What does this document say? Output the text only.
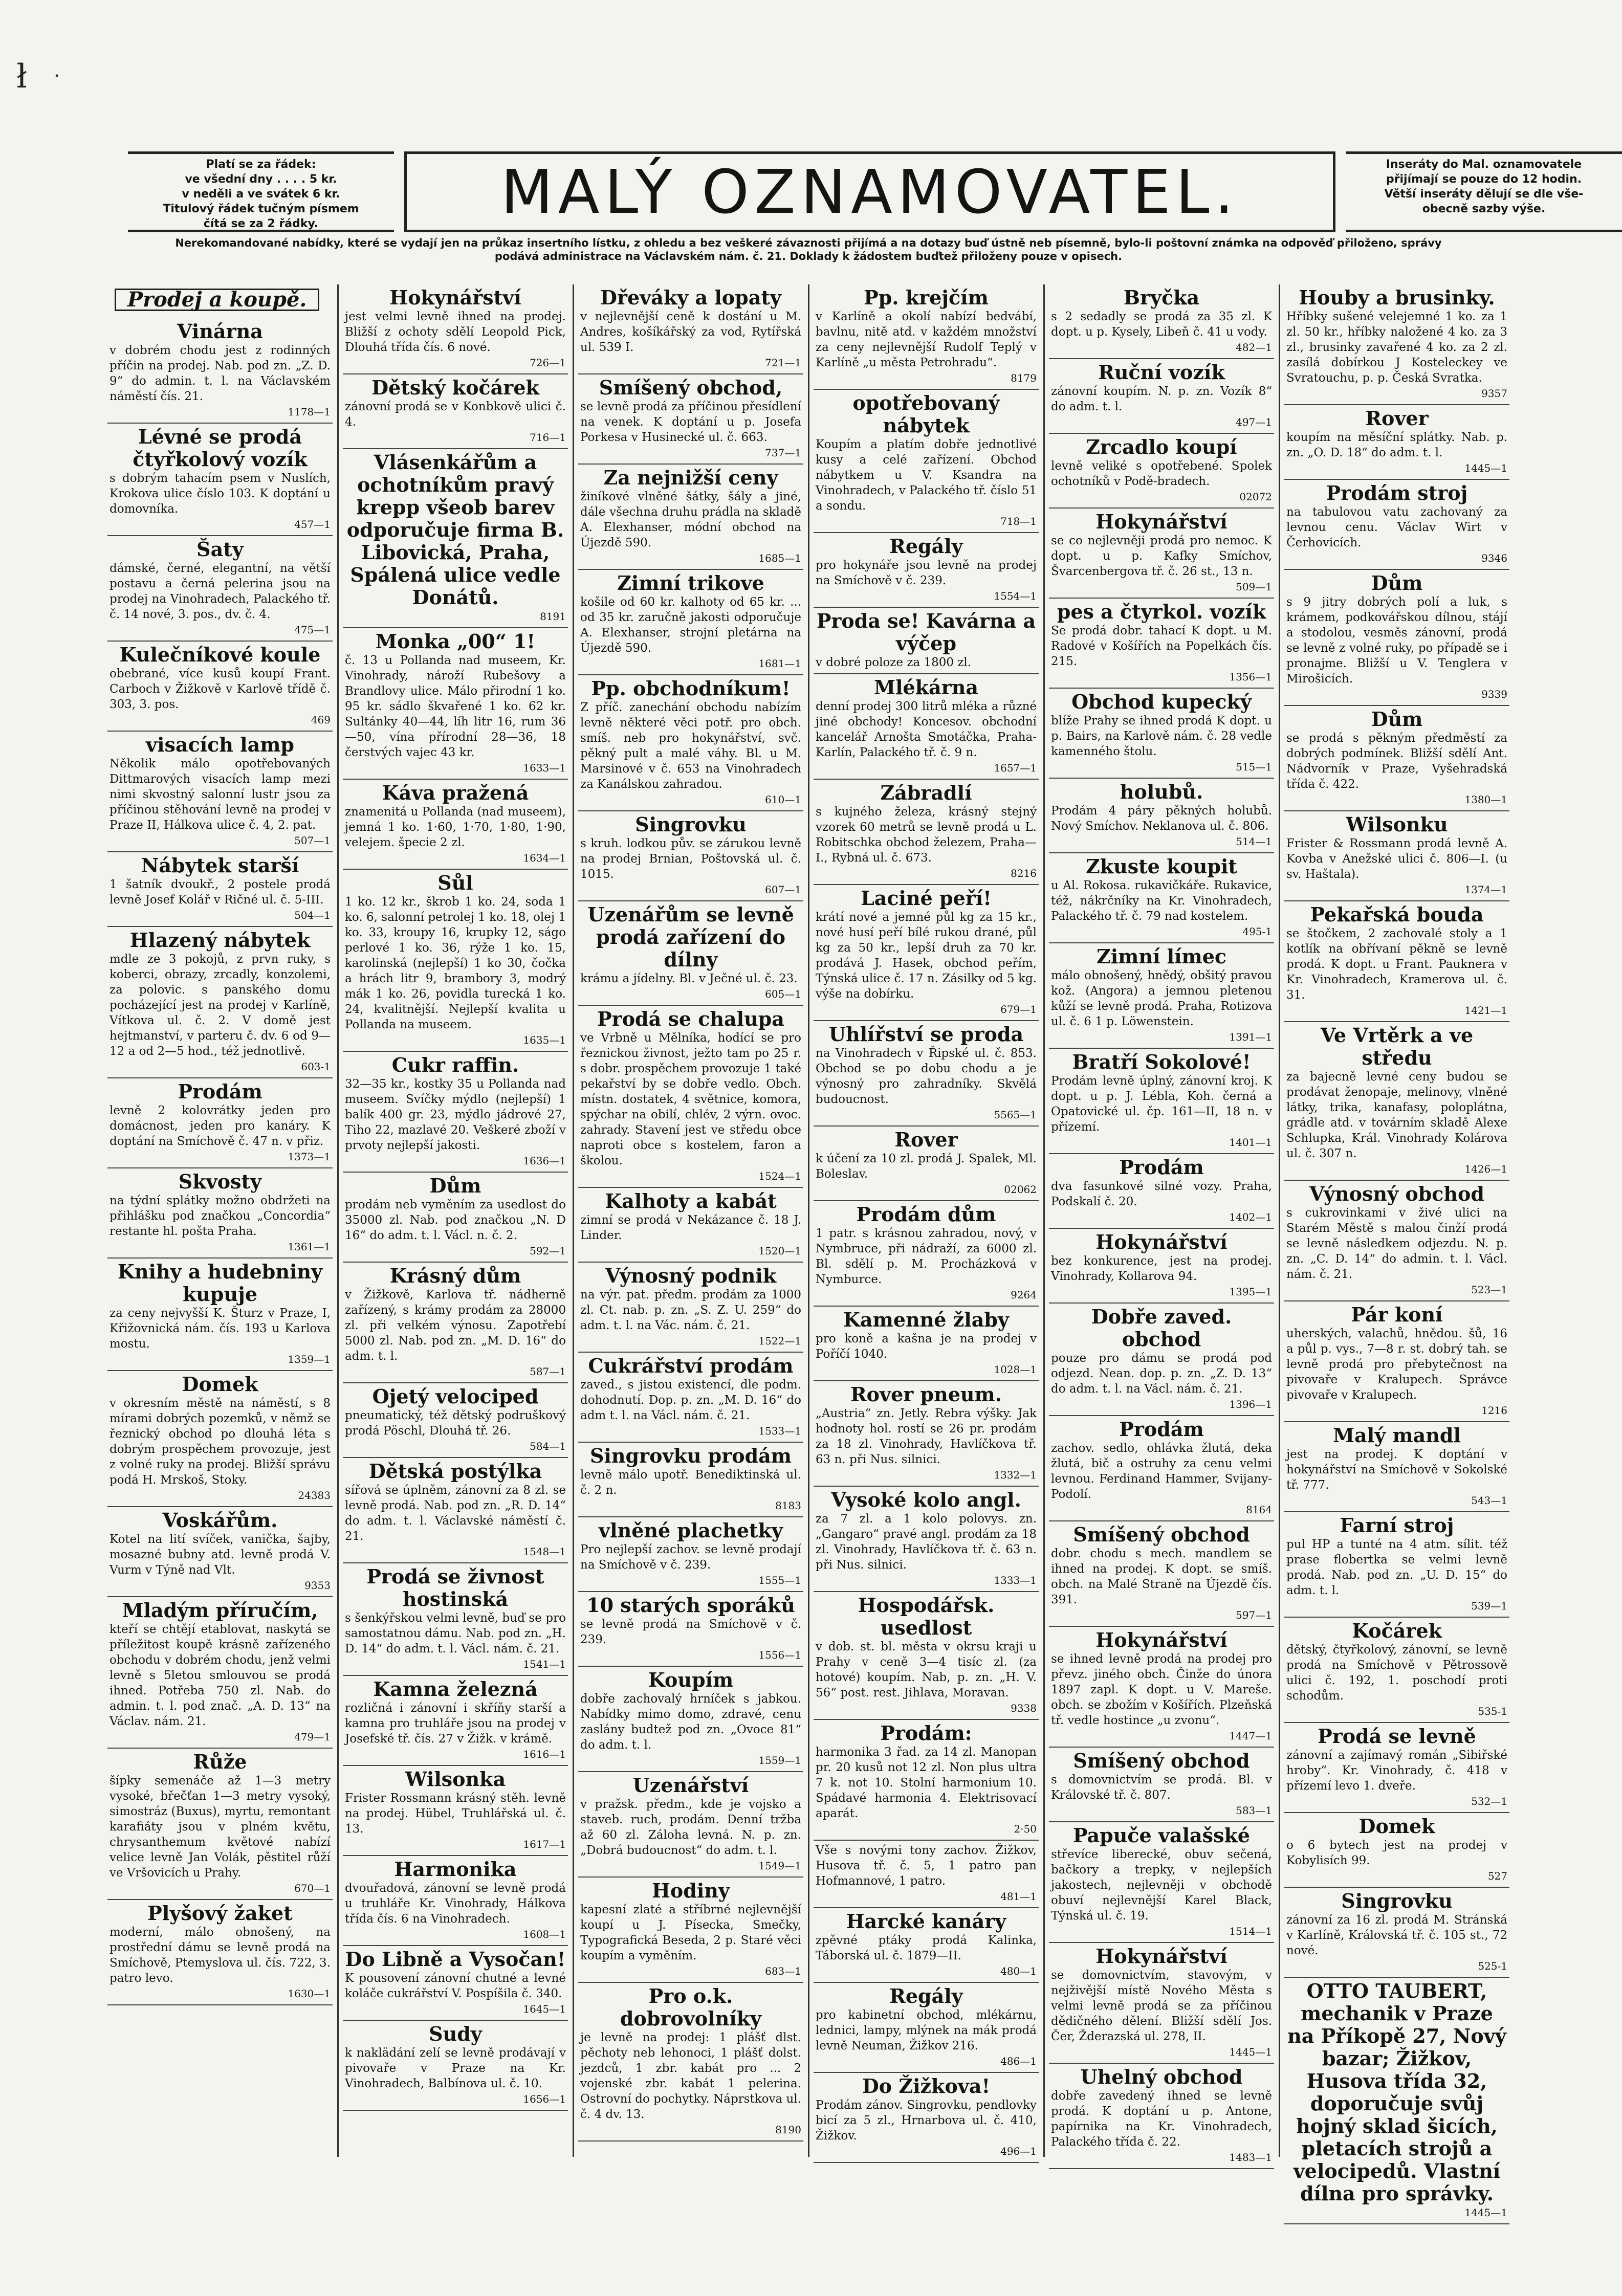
ł ·
Platí se za řádek:
ve všední dny . . . . 5 kr.
v neděli a ve svátek 6 kr.
Titulový řádek tučným písmem
čítá se za 2 řádky.	MALÝ OZNAMOVATEL.	Inseráty do Mal. oznamovatele
přijímají se pouze do 12 hodin.
Větší inseráty dělují se dle vše-
obecně sazby výše.
Nerekomandované nabídky, které se vydají jen na průkaz insertního lístku, z ohledu a bez veškeré závaznosti přijímá a na dotazy buď ústně neb písemně, bylo-li poštovní známka na odpověď přiloženo, správy podává administrace na Václavském nám. č. 21. Doklady k žádostem buďtež přiloženy pouze v opisech.
Prodej a koupě.
Vinárna

v dobrém chodu jest z rodinných příčin na prodej. Nab. pod zn. „Z. D. 9“ do admin. t. l. na Václavském náměstí čís. 21.

1178—1
Lévné se prodá čtyřkolový vozík

s dobrým tahacím psem v Nuslích, Krokova ulice číslo 103. K doptání u domovníka.

457—1
Šaty

dámské, černé, elegantní, na větší postavu a černá pelerina jsou na prodej na Vinohradech, Palackého tř. č. 14 nové, 3. pos., dv. č. 4.

475—1
Kulečníkové koule

obebrané, více kusů koupí Frant. Carboch v Žižkově v Karlově třídě č. 303, 3. pos.

469
visacích lamp

Několik málo opotřebovaných Dittmarových visacích lamp mezi nimi skvostný salonní lustr jsou za příčinou stěhování levně na prodej v Praze II, Hálkova ulice č. 4, 2. pat.

507—1
Nábytek starší

1 šatník dvoukř., 2 postele prodá levně Josef Kolář v Ričné ul. č. 5-III.

504—1
Hlazený nábytek

mdle ze 3 pokojů, z prvn ruky, s koberci, obrazy, zrcadly, konzolemi, za polovic. s panského domu pocházející jest na prodej v Karlíně, Vítkova ul. č. 2. V domě jest hejtmanství, v parteru č. dv. 6 od 9—12 a od 2—5 hod., též jednotlivě.

603-1
Prodám

levně 2 kolovrátky jeden pro domácnost, jeden pro kanáry. K doptání na Smíchově č. 47 n. v přiz.

1373—1
Skvosty

na týdní splátky možno obdržeti na přihlášku pod značkou „Concordia“ restante hl. pošta Praha.

1361—1
Knihy a hudebniny kupuje

za ceny nejvyšší K. Šturz v Praze, I, Křižovnická nám. čís. 193 u Karlova mostu.

1359—1
Domek

v okresním městě na náměstí, s 8 mírami dobrých pozemků, v němž se řeznický obchod po dlouhá léta s dobrým prospěchem provozuje, jest z volné ruky na prodej. Bližší správu podá H. Mrskoš, Stoky.

24383
Voskářům.

Kotel na lití svíček, vanička, šajby, mosazné bubny atd. levně prodá V. Vurm v Týně nad Vlt.

9353
Mladým příručím,

kteří se chtějí etablovat, naskytá se příležitost koupě krásně zařízeného obchodu v dobrém chodu, jenž velmi levně s 5letou smlouvou se prodá ihned. Potřeba 750 zl. Nab. do admin. t. l. pod znač. „A. D. 13“ na Václav. nám. 21.

479—1
Růže

šípky semenáče až 1—3 metry vysoké, břečťan 1—3 metry vysoký, simostráz (Buxus), myrtu, remontant karafiáty jsou v plném květu, chrysanthemum květové nabízí velice levně Jan Volák, pěstitel růží ve Vršovicích u Prahy.

670—1
Plyšový žaket

moderní, málo obnošený, na prostřední dámu se levně prodá na Smíchově, Ptemyslova ul. čís. 722, 3. patro levo.

1630—1
Hokynářství

jest velmi levně ihned na prodej. Bližší z ochoty sdělí Leopold Pick, Dlouhá třída čís. 6 nové.

726—1
Dětský kočárek

zánovní prodá se v Konbkově ulici č. 4.

716—1
Vlásenkářům a ochotníkům pravý krepp všeob barev odporučuje firma B. Libovická, Praha, Spálená ulice vedle Donátů.

8191
Monka „00“ 1!

č. 13 u Pollanda nad museem, Kr. Vinohrady, nároží Rubešovy a Brandlovy ulice. Málo přirodní 1 ko. 95 kr. sádlo škvařené 1 ko. 62 kr. Sultánky 40—44, líh litr 16, rum 36—50, vína přírodní 28—36, 18 čerstvých vajec 43 kr.

1633—1
Káva pražená

znamenitá u Pollanda (nad museem), jemná 1 ko. 1·60, 1·70, 1·80, 1·90, velejem. špecie 2 zl.

1634—1
Sůl

1 ko. 12 kr., škrob 1 ko. 24, soda 1 ko. 6, salonní petrolej 1 ko. 18, olej 1 ko. 33, kroupy 16, krupky 12, ságo perlové 1 ko. 36, rýže 1 ko. 15, karolinská (nejlepší) 1 ko 30, čočka a hrách litr 9, brambory 3, modrý mák 1 ko. 26, povidla turecká 1 ko. 24, kvalitnější. Nejlepší kvalita u Pollanda na museem.

1635—1
Cukr raffin.

32—35 kr., kostky 35 u Pollanda nad museem. Svíčky mýdlo (nejlepší) 1 balík 400 gr. 23, mýdlo jádrové 27, Tiho 22, mazlavé 20. Veškeré zboží v prvoty nejlepší jakosti.

1636—1
Dům

prodám neb vyměním za usedlost do 35000 zl. Nab. pod značkou „N. D 16“ do adm. t. l. Václ. n. č. 2.

592—1
Krásný dům

v Žižkově, Karlova tř. nádherně zařízený, s krámy prodám za 28000 zl. při velkém výnosu. Zapotřebí 5000 zl. Nab. pod zn. „M. D. 16“ do adm. t. l.

587—1
Ojetý velociped

pneumatický, též dětský podruškový prodá Pöschl, Dlouhá tř. 26.

584—1
Dětská postýlka

sířová se úplněm, zánovní za 8 zl. se levně prodá. Nab. pod zn. „R. D. 14“ do adm. t. l. Václavské náměstí č. 21.

1548—1
Prodá se živnost hostinská

s šenkýřskou velmi levně, buď se pro samostatnou dámu. Nab. pod zn. „H. D. 14“ do adm. t. l. Václ. nám. č. 21.

1541—1
Kamna železná

rozličná i zánovní i skříňy starší a kamna pro truhláře jsou na prodej v Josefské tř. čís. 27 v Žižk. v krámě.

1616—1
Wilsonka

Frister Rossmann krásný stěh. levně na prodej. Hübel, Truhlářská ul. č. 13.

1617—1
Harmonika

dvouřadová, zánovní se levně prodá u truhláře Kr. Vinohrady, Hálkova třída čís. 6 na Vinohradech.

1608—1
Do Libně a Vysočan!

K pousovení zánovní chutné a levné koláče cukrářství V. Pospíšila č. 340.

1645—1
Sudy

k naklädání zelí se levně prodávají v pivovaře v Praze na Kr. Vinohradech, Balbínova ul. č. 10.

1656—1
Dřeváky a lopaty

v nejlevnější ceně k dostání u M. Andres, košíkářský za vod, Rytířská ul. 539 I.

721—1
Smíšený obchod,

se levně prodá za příčinou přesídlení na venek. K doptání u p. Josefa Porkesa v Husinecké ul. č. 663.

737—1
Za nejnižší ceny

žiníkové vlněné šátky, šály a jiné, dále všechna druhu prádla na skladě A. Elexhanser, módní obchod na Újezdě 590.

1685—1
Zimní trikove

košile od 60 kr. kalhoty od 65 kr. ... od 35 kr. zaručně jakosti odporučuje A. Elexhanser, strojní pletárna na Újezdě 590.

1681—1
Pp. obchodníkum!

Z příč. zanechání obchodu nabízím levně některé věci potř. pro obch. smíš. neb pro hokynářství, svč. pěkný pult a malé váhy. Bl. u M. Marsinové v č. 653 na Vinohradech za Kanálskou zahradou.

610—1
Singrovku

s kruh. lodkou pův. se zárukou levně na prodej Brnian, Poštovská ul. č. 1015.

607—1
Uzenářům se levně prodá zařízení do dílny

krámu a jídelny. Bl. v Ječné ul. č. 23.

605—1
Prodá se chalupa

ve Vrbně u Mělníka, hodící se pro řeznickou živnost, ježto tam po 25 r. s dobr. prospěchem provozuje 1 také pekařství by se dobře vedlo. Obch. místn. dostatek, 4 světnice, komora, spýchar na obilí, chlév, 2 výrn. ovoc. zahrady. Stavení jest ve středu obce naproti obce s kostelem, faron a školou.

1524—1
Kalhoty a kabát

zimní se prodá v Nekázance č. 18 J. Linder.

1520—1
Výnosný podnik

na výr. pat. předm. prodám za 1000 zl. Ct. nab. p. zn. „S. Z. U. 259“ do adm. t. l. na Vác. nám. č. 21.

1522—1
Cukrářství prodám

zaved., s jistou existencí, dle podm. dohodnutí. Dop. p. zn. „M. D. 16“ do adm t. l. na Václ. nám. č. 21.

1533—1
Singrovku prodám

levně málo upotř. Benediktinská ul. č. 2 n.

8183
vlněné plachetky

Pro nejlepší zachov. se levně prodají na Smíchově v č. 239.

1555—1
10 starých sporáků

se levně prodá na Smíchově v č. 239.

1556—1
Koupím

dobře zachovalý hrníček s jabkou. Nabídky mimo domo, zdravé, cenu zaslány budtež pod zn. „Ovoce 81“ do adm. t. l.

1559—1
Uzenářství

v pražsk. předm., kde je vojsko a staveb. ruch, prodám. Denní tržba až 60 zl. Záloha levná. N. p. zn. „Dobrá budoucnost“ do adm. t. l.

1549—1
Hodiny

kapesní zlaté a stříbrné nejlevnější koupí u J. Písecka, Smečky, Typografická Beseda, 2 p. Staré věci koupím a vyměním.

683—1
Pro o.k. dobrovolníky

je levně na prodej: 1 plášť dlst. pěchoty neb lehonoci, 1 plášť dolst. jezdců, 1 zbr. kabát pro ... 2 vojenské zbr. kabát 1 pelerina. Ostrovní do pochytky. Náprstkova ul. č. 4 dv. 13.

8190
Pp. krejčím

v Karlíně a okolí nabízí bedvábí, bavlnu, nitě atd. v každém množství za ceny nejlevnější Rudolf Teplý v Karlíně „u města Petrohradu“.

8179
opotřebovaný nábytek

Koupím a platím dobře jednotlivé kusy a celé zařízení. Obchod nábytkem u V. Ksandra na Vinohradech, v Palackého tř. číslo 51 a sondu.

718—1
Regály

pro hokynáře jsou levně na prodej na Smíchově v č. 239.

1554—1
Proda se! Kavárna a výčep

v dobré poloze za 1800 zl.

Mlékárna

denní prodej 300 litrů mléka a různé jiné obchody! Koncesov. obchodní kancelář Arnošta Smotáčka, Praha-Karlín, Palackého tř. č. 9 n.

1657—1
Zábradlí

s kujného železa, krásný stejný vzorek 60 metrů se levně prodá u L. Robitschka obchod železem, Praha—I., Rybná ul. č. 673.

8216
Laciné peří!

krátí nové a jemné půl kg za 15 kr., nové husí peří bílé rukou drané, půl kg za 50 kr., lepší druh za 70 kr. prodává J. Hasek, obchod peřím, Týnská ulice č. 17 n. Zásilky od 5 kg. výše na dobírku.

679—1
Uhlířství se proda

na Vinohradech v Řipské ul. č. 853. Obchod se po dobu chodu a je výnosný pro zahradníky. Skvělá budoucnost.

5565—1
Rover

k účení za 10 zl. prodá J. Spalek, Ml. Boleslav.

02062
Prodám dům

1 patr. s krásnou zahradou, nový, v Nymbruce, při nádraží, za 6000 zl. Bl. sdělí p. M. Procházková v Nymburce.

9264
Kamenné žlaby

pro koně a kašna je na prodej v Poříčí 1040.

1028—1
Rover pneum.

„Austria“ zn. Jetly. Rebra výšky. Jak hodnoty hol. rostí se 26 pr. prodám za 18 zl. Vinohrady, Havlíčkova tř. 63 n. při Nus. silnici.

1332—1
Vysoké kolo angl.

za 7 zl. a 1 kolo polovys. zn. „Gangaro“ pravé angl. prodám za 18 zl. Vinohrady, Havlíčkova tř. č. 63 n. při Nus. silnici.

1333—1
Hospodářsk. usedlost

v dob. st. bl. města v okrsu kraji u Prahy v ceně 3—4 tisíc zl. (za hotové) koupím. Nab, p. zn. „H. V. 56“ post. rest. Jihlava, Moravan.

9338
Prodám:

harmonika 3 řad. za 14 zl. Manopan pr. 20 kusů not 12 zl. Non plus ultra 7 k. not 10. Stolní harmonium 10. Spádavé harmonia 4. Elektrisovací aparát.

2·50

Vše s novými tony zachov. Žižkov, Husova tř. č. 5, 1 patro pan Hofmannové, 1 patro.

481—1
Harcké kanáry

zpěvné ptáky prodá Kalinka, Táborská ul. č. 1879—II.

480—1
Regály

pro kabinetní obchod, mlékárnu, lednici, lampy, mlýnek na mák prodá levně Neuman, Žižkov 216.

486—1
Do Žižkova!

Prodám zánov. Singrovku, pendlovky bicí za 5 zl., Hrnarbova ul. č. 410, Žižkov.

496—1
Bryčka

s 2 sedadly se prodá za 35 zl. K dopt. u p. Kysely, Libeň č. 41 u vody.

482—1
Ruční vozík

zánovní koupím. N. p. zn. Vozík 8“ do adm. t. l.

497—1
Zrcadlo koupí

levně veliké s opotřebené. Spolek ochotníků v Podě-bradech.

02072
Hokynářství

se co nejlevněji prodá pro nemoc. K dopt. u p. Kafky Smíchov, Švarcenbergova tř. č. 26 st., 13 n.

509—1
pes a čtyrkol. vozík

Se prodá dobr. tahací K dopt. u M. Radové v Košířích na Popelkách čís. 215.

1356—1
Obchod kupecký

blíže Prahy se ihned prodá K dopt. u p. Bairs, na Karlově nám. č. 28 vedle kamenného štolu.

515—1
holubů.

Prodám 4 páry pěkných holubů. Nový Smíchov. Neklanova ul. č. 806.

514—1
Zkuste koupit

u Al. Rokosa. rukavičkáře. Rukavice, též, nákrčníky na Kr. Vinohradech, Palackého tř. č. 79 nad kostelem.

495-1
Zimní límec

málo obnošený, hnědý, obšitý pravou kož. (Angora) a jemnou pletenou kůží se levně prodá. Praha, Rotizova ul. č. 6 1 p. Löwenstein.

1391—1
Bratří Sokolové!

Prodám levně úplný, zánovní kroj. K dopt. u p. J. Lébla, Koh. černá a Opatovické ul. čp. 161—II, 18 n. v přízemí.

1401—1
Prodám

dva fasunkové silné vozy. Praha, Podskalí č. 20.

1402—1
Hokynářství

bez konkurence, jest na prodej. Vinohrady, Kollarova 94.

1395—1
Dobře zaved. obchod

pouze pro dámu se prodá pod odjezd. Nean. dop. p. zn. „Z. D. 13“ do adm. t. l. na Václ. nám. č. 21.

1396—1
Prodám

zachov. sedlo, ohlávka žlutá, deka žlutá, bič a ostruhy za cenu velmi levnou. Ferdinand Hammer, Svijany-Podolí.

8164
Smíšený obchod

dobr. chodu s mech. mandlem se ihned na prodej. K dopt. se smíš. obch. na Malé Straně na Újezdě čís. 391.

597—1
Hokynářství

se ihned levně prodá na prodej pro převz. jiného obch. Činže do února 1897 zapl. K dopt. u V. Mareše. obch. se zbožím v Košířích. Plzeňská tř. vedle hostince „u zvonu“.

1447—1
Smíšený obchod

s domovnictvím se prodá. Bl. v Královské tř. č. 807.

583—1
Papuče valašské

střevíce liberecké, obuv sečená, bačkory a trepky, v nejlepších jakostech, nejlevněji v obchodě obuví nejlevnější Karel Black, Týnská ul. č. 19.

1514—1
Hokynářství

se domovnictvím, stavovým, v nejživější místě Nového Města s velmi levně prodá se za příčinou dědičného dělení. Bližší sdělí Jos. Čer, Žderazská ul. 278, II.

1445—1
Uhelný obchod

dobře zavedený ihned se levně prodá. K doptání u p. Antone, papírnika na Kr. Vinohradech, Palackého třída č. 22.

1483—1
Houby a brusinky.

Hříbky sušené velejemné 1 ko. za 1 zl. 50 kr., hříbky naložené 4 ko. za 3 zl., brusinky zavařené 4 ko. za 2 zl. zasílá dobírkou J Kosteleckey ve Svratouchu, p. p. Česká Svratka.

9357
Rover

koupím na měsíční splátky. Nab. p. zn. „O. D. 18“ do adm. t. l.

1445—1
Prodám stroj

na tabulovou vatu zachovaný za levnou cenu. Václav Wirt v Čerhovicích.

9346
Dům

s 9 jitry dobrých polí a luk, s krámem, podkovářskou dílnou, stájí a stodolou, vesměs zánovní, prodá se levně z volné ruky, po případě se i pronajme. Bližší u V. Tenglera v Mirošicích.

9339
Dům

se prodá s pěkným předměstí za dobrých podmínek. Bližší sdělí Ant. Nádvorník v Praze, Vyšehradská třída č. 422.

1380—1
Wilsonku

Frister & Rossmann prodá levně A. Kovba v Anežské ulici č. 806—I. (u sv. Haštala).

1374—1
Pekařská bouda

se štočkem, 2 zachovalé stoly a 1 kotlík na obřívaní pěkně se levně prodá. K dopt. u Frant. Pauknera v Kr. Vinohradech, Kramerova ul. č. 31.

1421—1
Ve Vrtěrk a ve středu

za bajecně levné ceny budou se prodávat ženopaje, melinovy, vlněné látky, trika, kanafasy, poloplátna, grádle atd. v továrním skladě Alexe Schlupka, Král. Vinohrady Kolárova ul. č. 307 n.

1426—1
Výnosný obchod

s cukrovinkami v živé ulici na Starém Městě s malou činží prodá se levně následkem odjezdu. N. p. zn. „C. D. 14“ do admin. t. l. Václ. nám. č. 21.

523—1
Pár koní

uherských, valachů, hnědou. šů, 16 a půl p. vys., 7—8 r. st. dobrý tah. se levně prodá pro přebytečnost na pivovaře v Kralupech. Správce pivovaře v Kralupech.

1216
Malý mandl

jest na prodej. K doptání v hokynářství na Smíchově v Sokolské tř. 777.

543—1
Farní stroj

pul HP a tunté na 4 atm. sílit. též prase flobertka se velmi levně prodá. Nab. pod zn. „U. D. 15“ do adm. t. l.

539—1
Kočárek

dětský, čtyřkolový, zánovní, se levně prodá na Smíchově v Pětrossově ulici č. 192, 1. poschodí proti schodům.

535-1
Prodá se levně

zánovní a zajímavý román „Sibiřské hroby“. Kr. Vinohrady, č. 418 v přízemí levo 1. dveře.

532—1
Domek

o 6 bytech jest na prodej v Kobylisích 99.

527
Singrovku

zánovní za 16 zl. prodá M. Stránská v Karlíně, Královská tř. č. 105 st., 72 nové.

525-1
OTTO TAUBERT, mechanik v Praze na Příkopě 27, Nový bazar; Žižkov, Husova třída 32, doporučuje svůj hojný sklad šicích, pletacích strojů a velocipedů. Vlastní dílna pro správky.

1445—1
